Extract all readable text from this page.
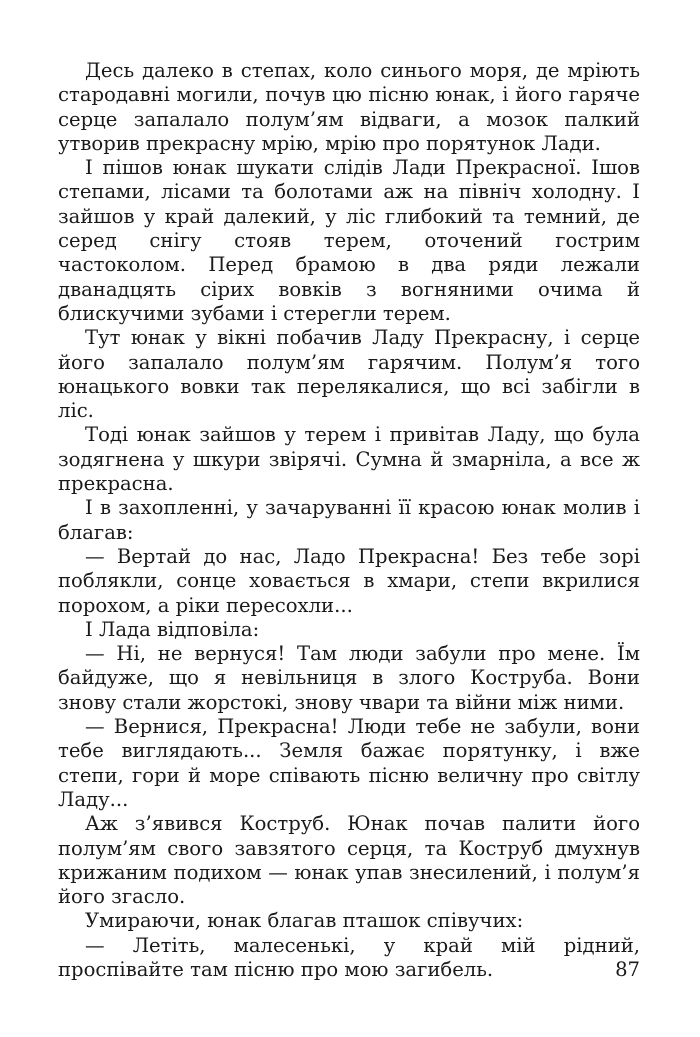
Десь далеко в степах, коло синього моря, де мріють стародавні могили, почув цю пісню юнак, і його гаряче серце запалало полум’ям відваги, а мозок палкий утворив прекрасну мрію, мрію про порятунок Лади.

І пішов юнак шукати слідів Лади Прекрасної. Ішов степами, лісами та болотами аж на північ холодну. І зайшов у край далекий, у ліс глибокий та темний, де серед снігу стояв терем, оточений гострим частоколом. Перед брамою в два ряди лежали дванадцять сірих вовків з вогняними очима й блискучими зубами і стерегли терем.

Тут юнак у вікні побачив Ладу Прекрасну, і серце його запалало полум’ям гарячим. Полум’я того юнацького вовки так перелякалися, що всі забігли в ліс.

Тоді юнак зайшов у терем і привітав Ладу, що була зодягнена у шкури звірячі. Сумна й змарніла, а все ж прекрасна.

І в захопленні, у зачаруванні її красою юнак молив і благав:

— Вертай до нас, Ладо Прекрасна! Без тебе зорі поблякли, сонце ховається в хмари, степи вкрилися порохом, а ріки пересохли...

І Лада відповіла:

— Ні, не вернуся! Там люди забули про мене. Їм байдуже, що я невільниця в злого Коструба. Вони знову стали жорстокі, знову чвари та війни між ними.

— Вернися, Прекрасна! Люди тебе не забули, вони тебе виглядають... Земля бажає порятунку, і вже степи, гори й море співають пісню величну про світлу Ладу...

Аж з’явився Коструб. Юнак почав палити його полум’ям свого завзятого серця, та Коструб дмухнув крижаним подихом — юнак упав знесилений, і полум’я його згасло.

Умираючи, юнак благав пташок співучих:

— Летіть, малесенькі, у край мій рідний, проспівайте там пісню про мою загибель.	87
